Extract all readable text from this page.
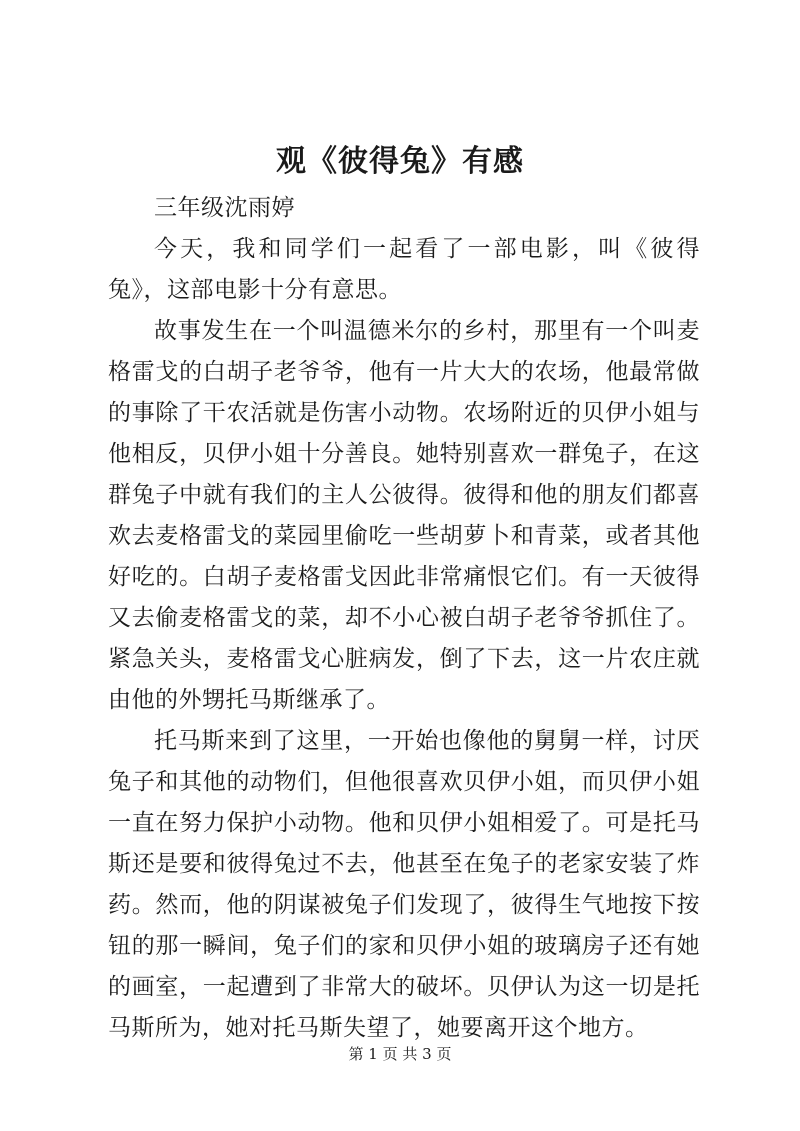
观《彼得兔》有感

三年级沈雨婷

今天，我和同学们一起看了一部电影，叫《彼得兔》，这部电影十分有意思。

故事发生在一个叫温德米尔的乡村，那里有一个叫麦格雷戈的白胡子老爷爷，他有一片大大的农场，他最常做的事除了干农活就是伤害小动物。农场附近的贝伊小姐与他相反，贝伊小姐十分善良。她特别喜欢一群兔子，在这群兔子中就有我们的主人公彼得。彼得和他的朋友们都喜欢去麦格雷戈的菜园里偷吃一些胡萝卜和青菜，或者其他好吃的。白胡子麦格雷戈因此非常痛恨它们。有一天彼得又去偷麦格雷戈的菜，却不小心被白胡子老爷爷抓住了。紧急关头，麦格雷戈心脏病发，倒了下去，这一片农庄就由他的外甥托马斯继承了。

托马斯来到了这里，一开始也像他的舅舅一样，讨厌兔子和其他的动物们，但他很喜欢贝伊小姐，而贝伊小姐一直在努力保护小动物。他和贝伊小姐相爱了。可是托马斯还是要和彼得兔过不去，他甚至在兔子的老家安装了炸药。然而，他的阴谋被兔子们发现了，彼得生气地按下按钮的那一瞬间，兔子们的家和贝伊小姐的玻璃房子还有她的画室，一起遭到了非常大的破坏。贝伊认为这一切是托马斯所为，她对托马斯失望了，她要离开这个地方。

第 1 页 共 3 页
